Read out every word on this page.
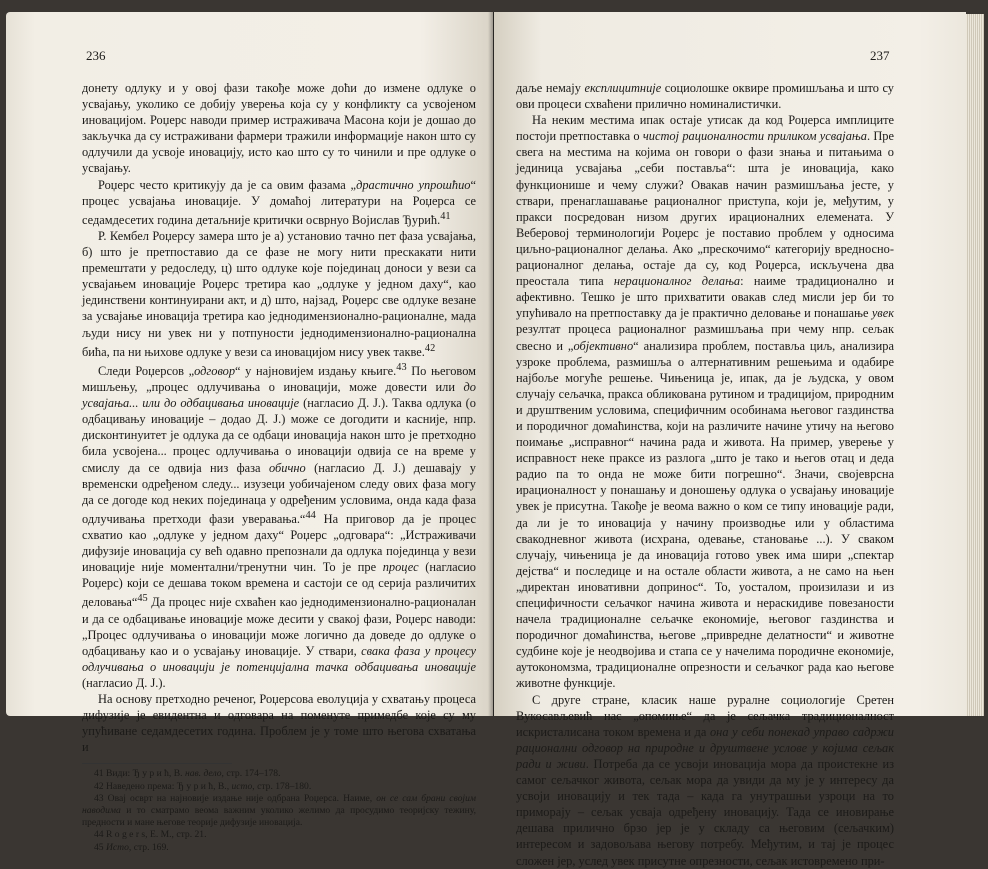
236

донету одлуку и у овој фази такође може доћи до измене одлуке о усвајању, уколико се добију уверења која су у конфликту са усвојеном иновацијом. Роџерс наводи пример истраживача Масона који је дошао до закључка да су истраживани фармери тражили информације након што су одлучили да усвоје иновацију, исто као што су то чинили и пре одлуке о усвајању.

Роџерс често критикују да је са овим фазама „драстично упрошћио“ процес усвајања иновације. У домаћој литератури на Роџерса се седамдесетих година детаљније критички осврнуо Војислав Ђурић.$^{41}$

Р. Кембел Роџерсу замера што је а) установио тачно пет фаза усвајања, б) што је претпоставио да се фазе не могу нити прескакати нити премештати у редоследу, ц) што одлуке које појединац доноси у вези са усвајањем иновације Роџерс третира као „одлуке у једном даху“, као јединствени континуирани акт, и д) што, најзад, Роџерс све одлуке везане за усвајање иновација третира као једнодимензионално-рационалне, мада људи нису ни увек ни у потпуности једнодимензионално-рационална бића, па ни њихове одлуке у вези са иновацијом нису увек такве.$^{42}$

Следи Роџерсов „одговор“ у најновијем издању књиге.$^{43}$ По његовом мишљењу, „процес одлучивања о иновацији, може довести или до усвајања... или до одбацивања иновације (нагласио Д. Ј.). Таква одлука (о одбацивању иновације – додао Д. Ј.) може се догодити и касније, нпр. дисконтинуитет је одлука да се одбаци иновација након што је претходно била усвојена... процес одлучивања о иновацији одвија се на време у смислу да се одвија низ фаза обично (нагласио Д. Ј.) дешавају у временски одређеном следу... изузеци уобичајеном следу ових фаза могу да се догоде код неких појединаца у одређеним условима, онда када фаза одлучивања претходи фази уверавања.“$^{44}$ На приговор да је процес схватио као „одлуке у једном даху“ Роџерс „одговара“: „Истраживачи дифузије иновација су већ одавно препознали да одлука појединца у вези иновације није моментални/тренутни чин. То је пре процес (нагласио Роџерс) који се дешава током времена и састоји се од серија различитих деловања“$^{45}$ Да процес није схваћен као једнодимензионално-рационалан и да се одбацивање иновације може десити у свакој фази, Роџерс наводи: „Процес одлучивања о иновацији може логично да доведе до одлуке о одбацивању као и о усвајању иновације. У ствари, свака фаза у процесу одлучивања о иновацији је потенцијална тачка одбацивања иновације (нагласио Д. Ј.).

На основу претходно реченог, Роџерсова еволуција у схватању процеса дифузије је евидентна и одговара на поменуте примедбе које су му упућиване седамдесетих година. Проблем је у томе што његова схватања и

41 Види: Ђ у р и ћ, В. нав. дело, стр. 174–178.

42 Наведено према: Ђ у р и ћ, В., исто, стр. 178–180.

43 Овај осврт на најновије издање није одбрана Роџерса. Наиме, он се сам брани својим наводима и то сматрамо веома важним уколико желимо да просудимо теоријску тежину, предности и мане његове теорије дифузије иновација.

44 R o g e r s, E. M., стр. 21.

45 Исто, стр. 169.

237

даље немају експлицитније социолошке оквире промишљања и што су ови процеси схваћени прилично номиналистички.

На неким местима ипак остаје утисак да код Роџерса имплиците постоји претпоставка о чистој рационалности приликом усвајања. Пре свега на местима на којима он говори о фази знања и питањима о јединица усвајања „себи поставља“: шта је иновација, како функционише и чему служи? Овакав начин размишљања јесте, у ствари, пренаглашавање рационалног приступа, који је, међутим, у пракси посредован низом других ирационалних елемената. У Веберовој терминологији Роџерс је поставио проблем у односима циљно-рационалног делања. Ако „прескочимо“ категорију вредносно-рационалног делања, остаје да су, код Роџерса, искључена два преостала типа нерационалног делања: наиме традиционално и афективно. Тешко је што прихватити овакав след мисли јер би то упућивало на претпоставку да је практично деловање и понашање увек резултат процеса рационалног размишљања при чему нпр. сељак свесно и „објективно“ анализира проблем, поставља циљ, анализира узроке проблема, размишља о алтернативним решењима и одабире најбоље могуће решење. Чињеница је, ипак, да је људска, у овом случају сељачка, пракса обликована рутином и традицијом, природним и друштвеним условима, специфичним особинама његовог газдинства и породичног домаћинства, који на различите начине утичу на његово поимање „исправног“ начина рада и живота. На пример, уверење у исправност неке праксе из разлога „што је тако и његов отац и деда радио па то онда не може бити погрешно“. Значи, својеврсна ирационалност у понашању и доношењу одлука о усвајању иновације увек је присутна. Такође је веома важно о ком се типу иновације ради, да ли је то иновација у начину производње или у областима свакодневног живота (исхрана, одевање, становање ...). У сваком случају, чињеница је да иновација готово увек има шири „спектар дејства“ и последице и на остале области живота, а не само на њен „директан иновативни допринос“. То, уосталом, произилази и из специфичности сељачког начина живота и нераскидиве повезаности начела традиционалне сељачке економије, његовог газдинства и породичног домаћинства, његове „привредне делатности“ и животне судбине које је неодвојива и стапа се у начелима породичне економије, аутокономзма, традиционалне опрезности и сељачког рада као његове животне функције.

С друге стране, класик наше руралне социологије Сретен Вукосављевић нас „опомиње“ да је сељачка традиционалност искристалисана током времена и да она у себи понекад управо садржи рационални одговор на природне и друштвене услове у којима сељак ради и живи. Потреба да се усвоји иновација мора да проистекне из самог сељачког живота, сељак мора да увиди да му је у интересу да усвоји иновацију и тек тада – када га унутрашњи узроци на то приморају – сељак усваја одређену иновацију. Тада се иновирање дешава прилично брзо јер је у складу са његовим (сељачким) интересом и задовољава његову потребу. Међутим, и тај је процес сложен јер, услед увек присутне опрезности, сељак истовремено при-
